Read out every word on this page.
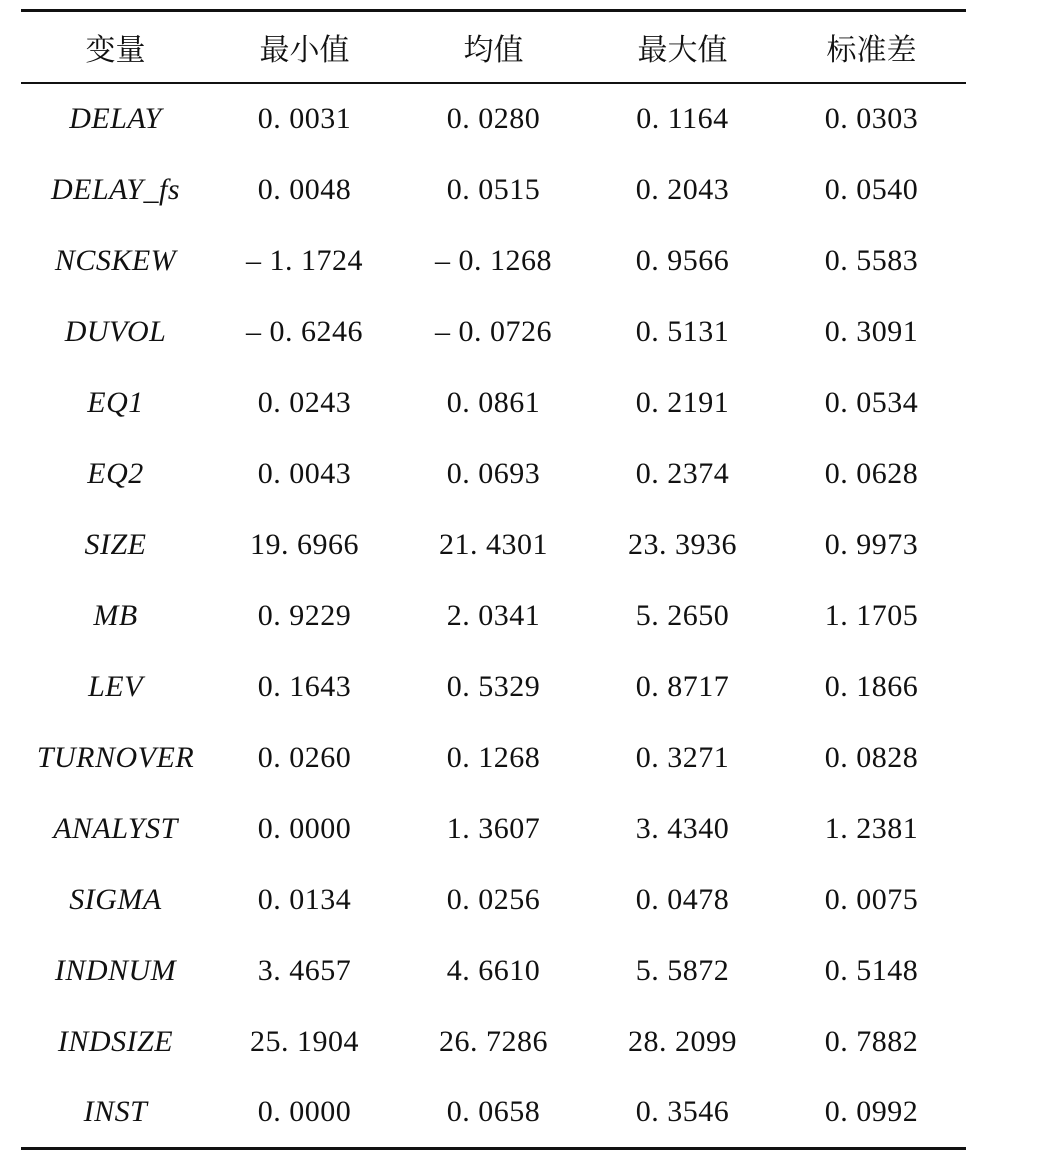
变量	最小值	均值	最大值	标准差
DELAY	0. 0031	0. 0280	0. 1164	0. 0303
DELAY_fs	0. 0048	0. 0515	0. 2043	0. 0540
NCSKEW	– 1. 1724	– 0. 1268	0. 9566	0. 5583
DUVOL	– 0. 6246	– 0. 0726	0. 5131	0. 3091
EQ1	0. 0243	0. 0861	0. 2191	0. 0534
EQ2	0. 0043	0. 0693	0. 2374	0. 0628
SIZE	19. 6966	21. 4301	23. 3936	0. 9973
MB	0. 9229	2. 0341	5. 2650	1. 1705
LEV	0. 1643	0. 5329	0. 8717	0. 1866
TURNOVER	0. 0260	0. 1268	0. 3271	0. 0828
ANALYST	0. 0000	1. 3607	3. 4340	1. 2381
SIGMA	0. 0134	0. 0256	0. 0478	0. 0075
INDNUM	3. 4657	4. 6610	5. 5872	0. 5148
INDSIZE	25. 1904	26. 7286	28. 2099	0. 7882
INST	0. 0000	0. 0658	0. 3546	0. 0992
